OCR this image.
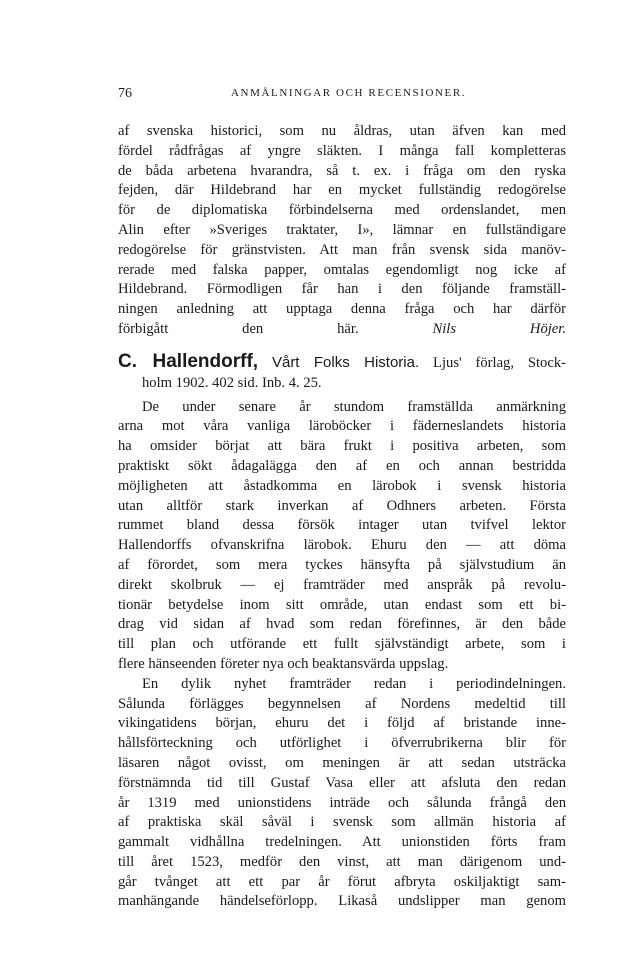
76	ANMÄLNINGAR OCH RECENSIONER.
af svenska historici, som nu åldras, utan äfven kan med
fördel rådfrågas af yngre släkten. I många fall kompletteras
de båda arbetena hvarandra, så t. ex. i fråga om den ryska
fejden, där Hildebrand har en mycket fullständig redogörelse
för de diplomatiska förbindelserna med ordenslandet, men
Alin efter »Sveriges traktater, I», lämnar en fullständigare
redogörelse för gränstvisten. Att man från svensk sida manöv-
rerade med falska papper, omtalas egendomligt nog icke af
Hildebrand. Förmodligen får han i den följande framställ-
ningen anledning att upptaga denna fråga och har därför
förbigått den här.	Nils Höjer.
C. Hallendorff, Vårt Folks Historia. Ljus' förlag, Stock-
holm 1902. 402 sid. Inb. 4. 25.
De under senare år stundom framställda anmärkning
arna mot våra vanliga läroböcker i fäderneslandets historia
ha omsider börjat att bära frukt i positiva arbeten, som
praktiskt sökt ådagalägga den af en och annan bestridda
möjligheten att åstadkomma en lärobok i svensk historia
utan alltför stark inverkan af Odhners arbeten. Första
rummet bland dessa försök intager utan tvifvel lektor
Hallendorffs ofvanskrifna lärobok. Ehuru den — att döma
af förordet, som mera tyckes hänsyfta på självstudium än
direkt skolbruk — ej framträder med anspråk på revolu-
tionär betydelse inom sitt område, utan endast som ett bi-
drag vid sidan af hvad som redan förefinnes, är den både
till plan och utförande ett fullt självständigt arbete, som i
flere hänseenden företer nya och beaktansvärda uppslag.
En dylik nyhet framträder redan i periodindelningen.
Sålunda förlägges begynnelsen af Nordens medeltid till
vikingatidens början, ehuru det i följd af bristande inne-
hållsförteckning och utförlighet i öfverrubrikerna blir för
läsaren något ovisst, om meningen är att sedan utsträcka
förstnämnda tid till Gustaf Vasa eller att afsluta den redan
år 1319 med unionstidens inträde och sålunda frångå den
af praktiska skäl såväl i svensk som allmän historia af
gammalt vidhållna tredelningen. Att unionstiden förts fram
till året 1523, medför den vinst, att man därigenom und-
går tvånget att ett par år förut afbryta oskiljaktigt sam-
manhängande händelseförlopp. Likaså undslipper man genom
